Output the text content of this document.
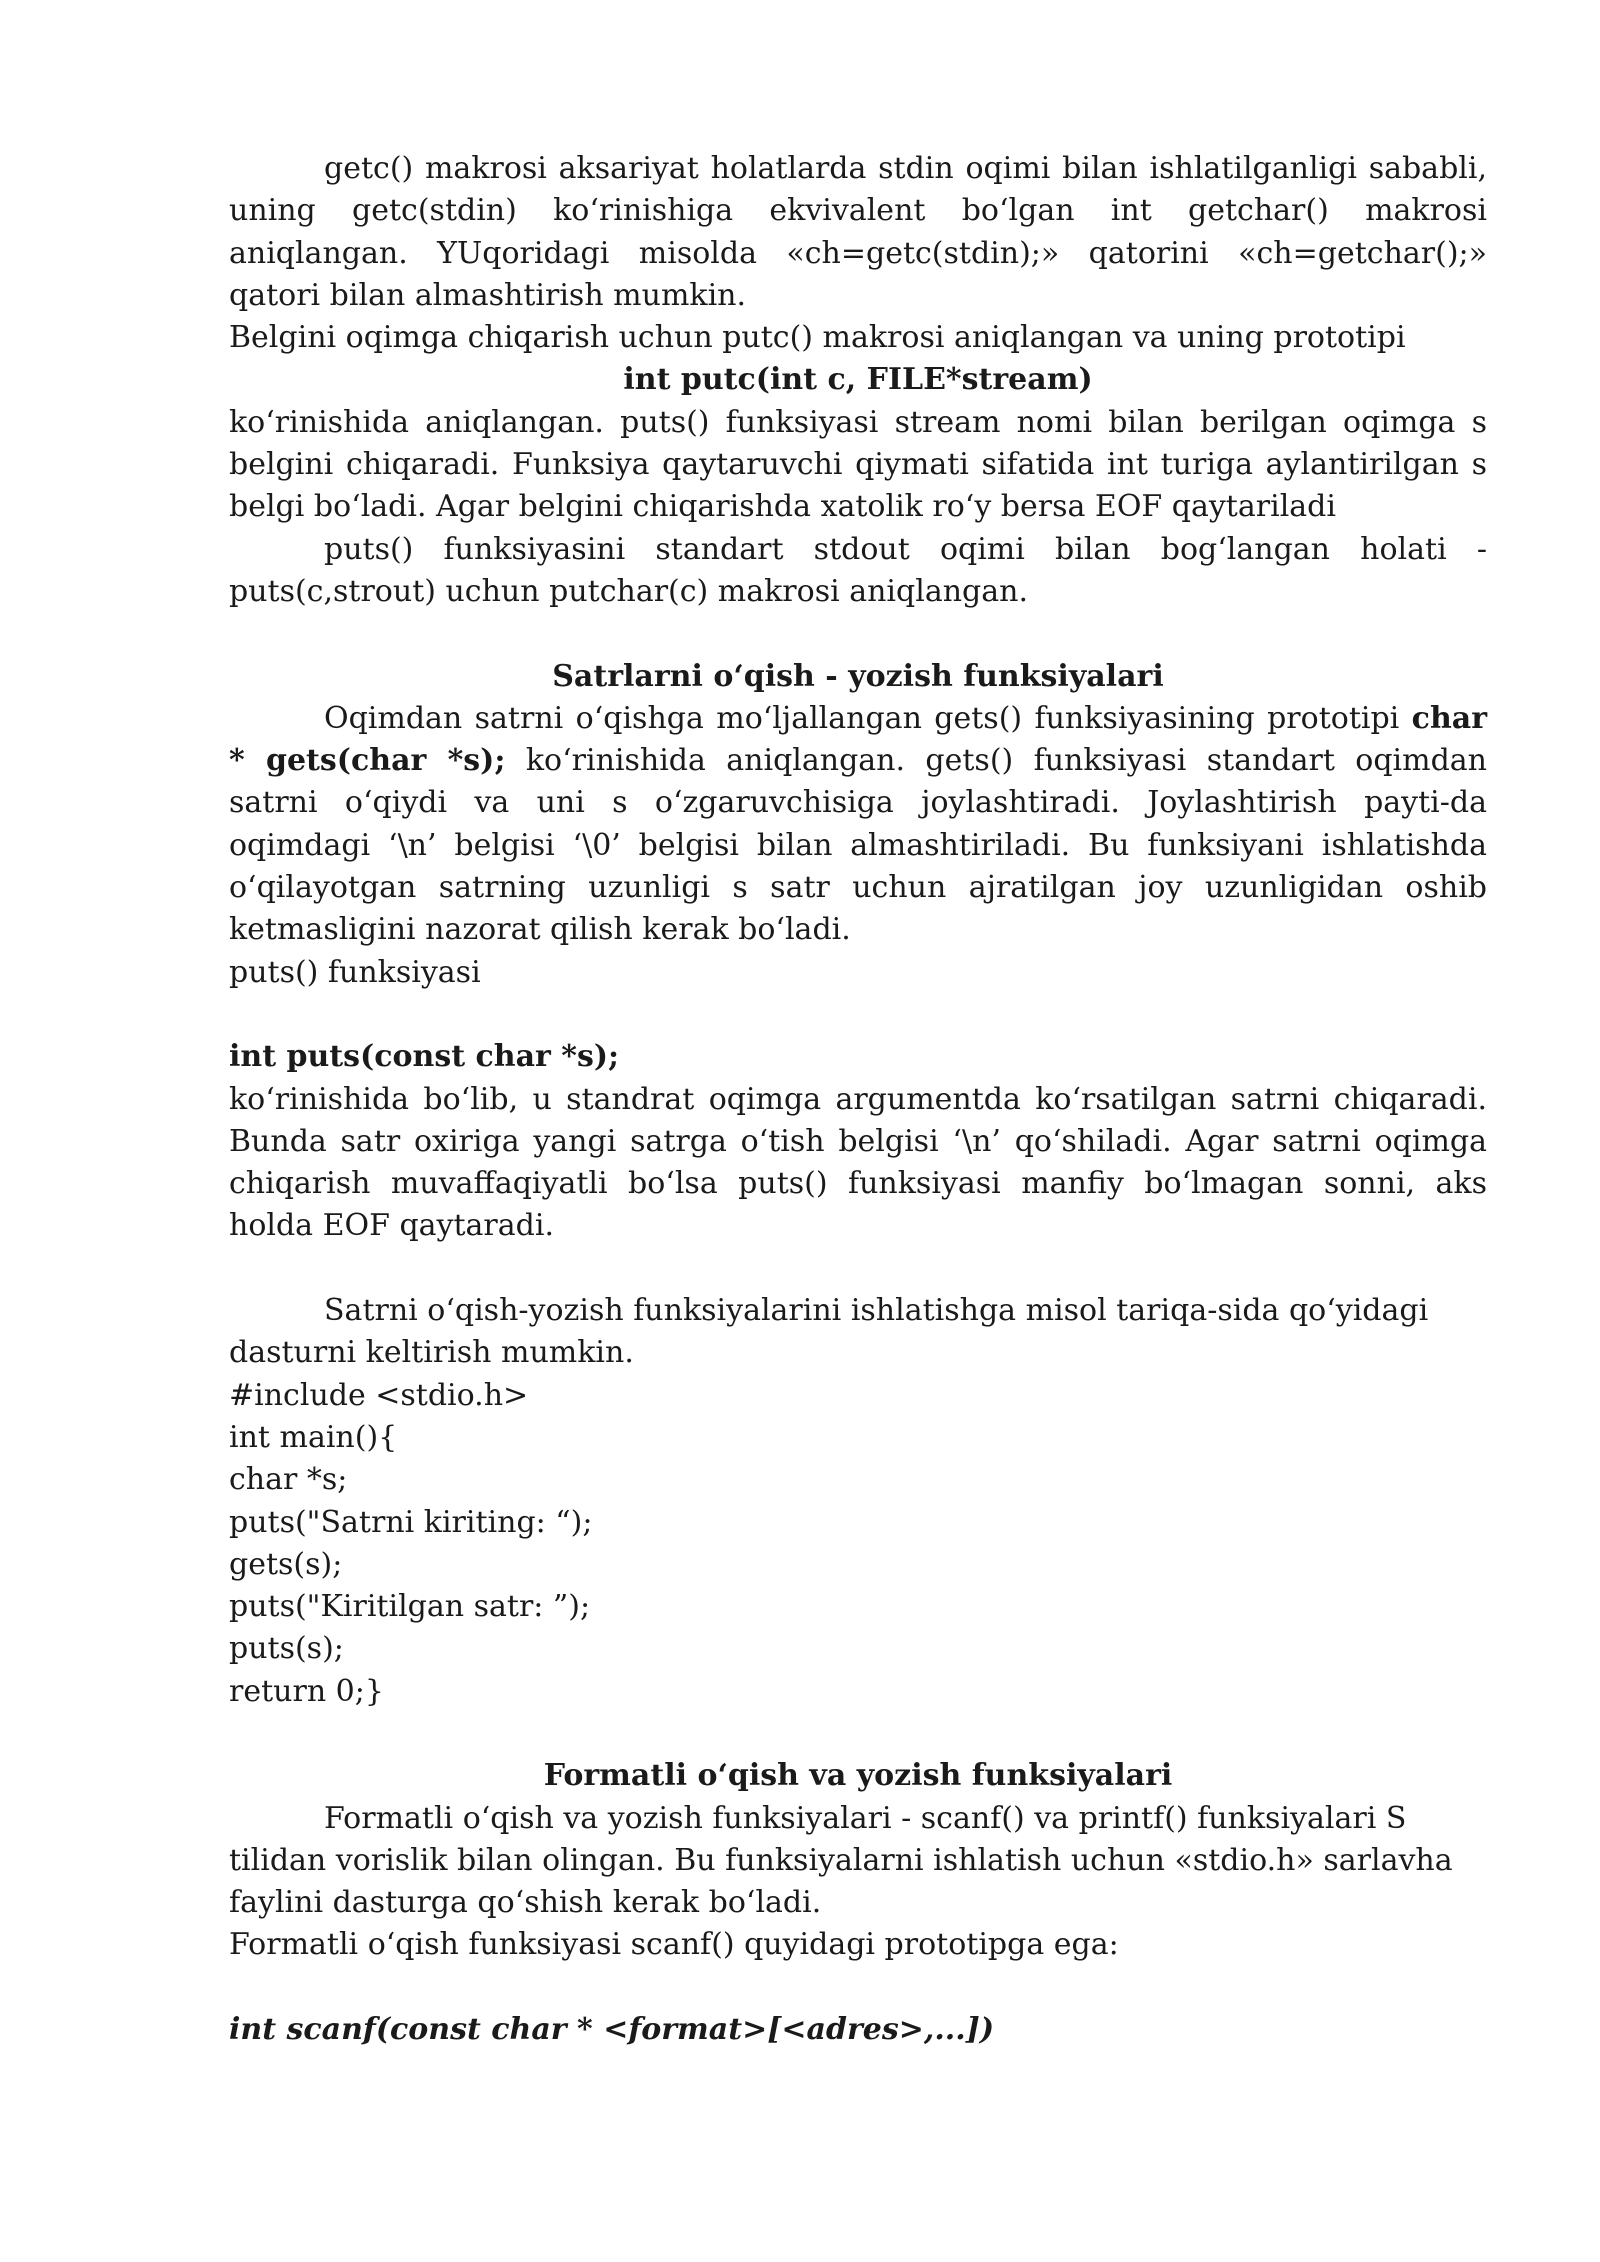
getc() makrosi aksariyat holatlarda stdin oqimi bilan ishlatilganligi sababli, uning getc(stdin) ko‘rinishiga ekvivalent bo‘lgan int getchar() makrosi aniqlangan. YUqoridagi misolda «ch=getc(stdin);» qatorini «ch=getchar();» qatori bilan almashtirish mumkin.

Belgini oqimga chiqarish uchun putc() makrosi aniqlangan va uning prototipi

int putc(int c, FILE*stream)

ko‘rinishida aniqlangan. puts() funksiyasi stream nomi bilan berilgan oqimga s belgini chiqaradi. Funksiya qaytaruvchi qiymati sifatida int turiga aylantirilgan s belgi bo‘ladi. Agar belgini chiqarishda xatolik ro‘y bersa EOF qaytariladi

puts() funksiyasini standart stdout oqimi bilan bog‘langan holati - puts(c,strout) uchun putchar(c) makrosi aniqlangan.

Satrlarni o‘qish - yozish funksiyalari

Oqimdan satrni o‘qishga mo‘ljallangan gets() funksiyasining prototipi char * gets(char *s); ko‘rinishida aniqlangan. gets() funksiyasi standart oqimdan satrni o‘qiydi va uni s o‘zgaruvchisiga joylashtiradi. Joylashtirish payti-da oqimdagi ‘\n’ belgisi ‘\0’ belgisi bilan almashtiriladi. Bu funksiyani ishlatishda o‘qilayotgan satrning uzunligi s satr uchun ajratilgan joy uzunligidan oshib ketmasligini nazorat qilish kerak bo‘ladi.

puts() funksiyasi

int puts(const char *s);

ko‘rinishida bo‘lib, u standrat oqimga argumentda ko‘rsatilgan satrni chiqaradi. Bunda satr oxiriga yangi satrga o‘tish belgisi ‘\n’ qo‘shiladi. Agar satrni oqimga chiqarish muvaffaqiyatli bo‘lsa puts() funksiyasi manfiy bo‘lmagan sonni, aks holda EOF qaytaradi.

Satrni o‘qish-yozish funksiyalarini ishlatishga misol tariqa-sida qo‘yidagi dasturni keltirish mumkin.

#include <stdio.h>

int main(){

char *s;

puts("Satrni kiriting: “);

gets(s);

puts("Kiritilgan satr: ”);

puts(s);

return 0;}

Formatli o‘qish va yozish funksiyalari

Formatli o‘qish va yozish funksiyalari - scanf() va printf() funksiyalari S tilidan vorislik bilan olingan. Bu funksiyalarni ishlatish uchun «stdio.h» sarlavha faylini dasturga qo‘shish kerak bo‘ladi.

Formatli o‘qish funksiyasi scanf() quyidagi prototipga ega:

int scanf(const char * <format>[<adres>,...])
